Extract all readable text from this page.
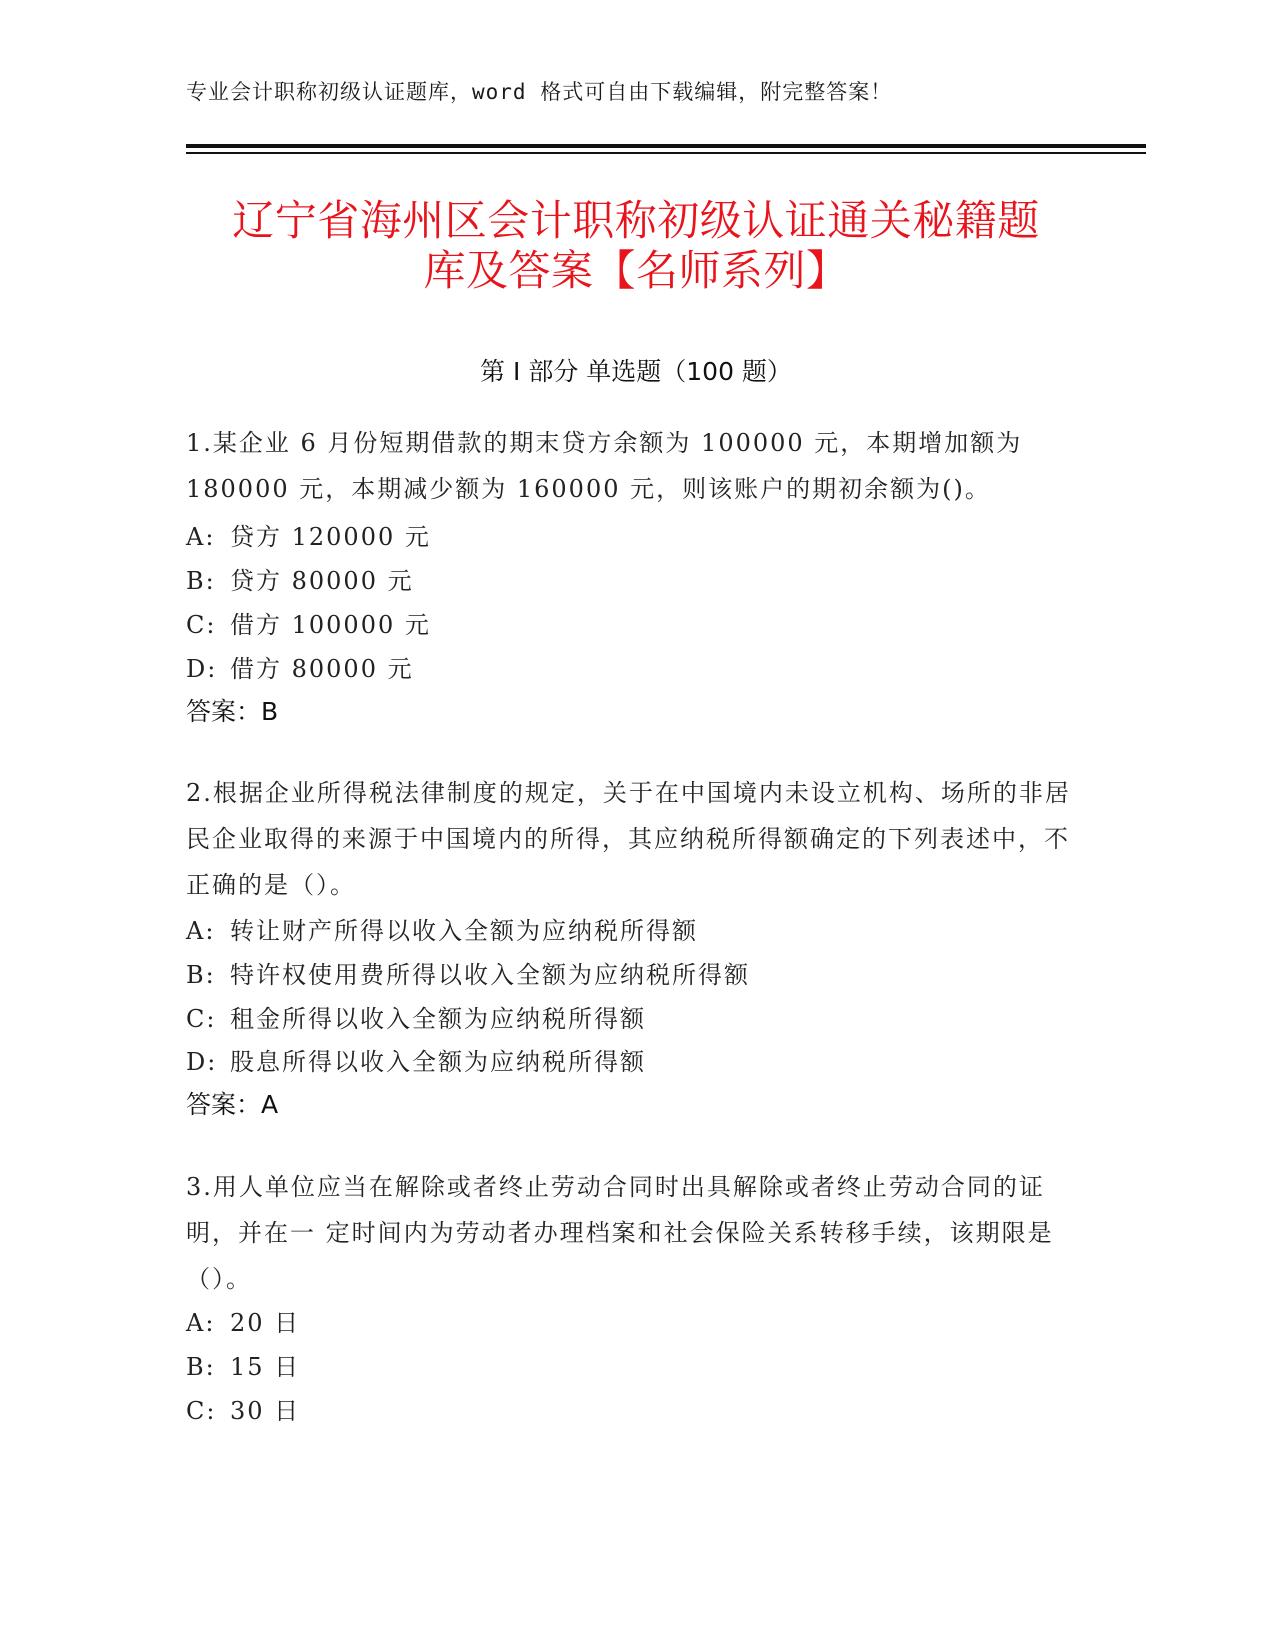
专业会计职称初级认证题库，word 格式可自由下载编辑，附完整答案！
辽宁省海州区会计职称初级认证通关秘籍题
库及答案【名师系列】
第 I 部分 单选题（100 题）
1.某企业 6 月份短期借款的期末贷方余额为 100000 元，本期增加额为 180000 元，本期减少额为 160000 元，则该账户的期初余额为()。
A: 贷方 120000 元
B: 贷方 80000 元
C: 借方 100000 元
D: 借方 80000 元
答案：B
2.根据企业所得税法律制度的规定，关于在中国境内未设立机构、场所的非居民企业取得的来源于中国境内的所得，其应纳税所得额确定的下列表述中，不正确的是（）。
A: 转让财产所得以收入全额为应纳税所得额
B: 特许权使用费所得以收入全额为应纳税所得额
C: 租金所得以收入全额为应纳税所得额
D: 股息所得以收入全额为应纳税所得额
答案：A
3.用人单位应当在解除或者终止劳动合同时出具解除或者终止劳动合同的证明，并在一 定时间内为劳动者办理档案和社会保险关系转移手续，该期限是（）。
A: 20 日
B: 15 日
C: 30 日
